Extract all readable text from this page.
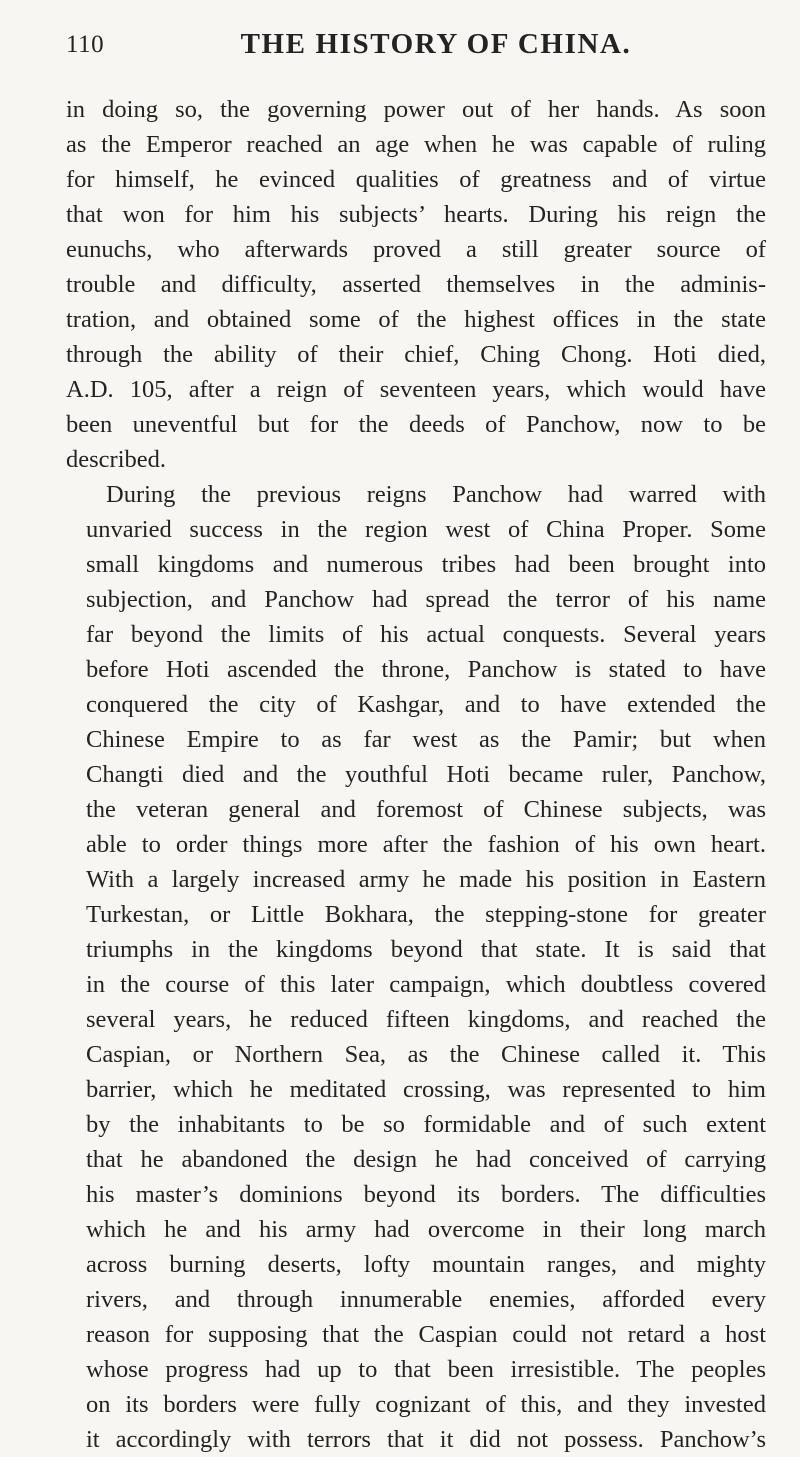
110	THE HISTORY OF CHINA.
in doing so, the governing power out of her hands. As soon
as the Emperor reached an age when he was capable of ruling
for himself, he evinced qualities of greatness and of virtue
that won for him his subjects’ hearts. During his reign the
eunuchs, who afterwards proved a still greater source of
trouble and difficulty, asserted themselves in the adminis-
tration, and obtained some of the highest offices in the state
through the ability of their chief, Ching Chong. Hoti died,
A.D. 105, after a reign of seventeen years, which would have
been uneventful but for the deeds of Panchow, now to be
described.
During the previous reigns Panchow had warred with
unvaried success in the region west of China Proper. Some
small kingdoms and numerous tribes had been brought into
subjection, and Panchow had spread the terror of his name
far beyond the limits of his actual conquests. Several years
before Hoti ascended the throne, Panchow is stated to have
conquered the city of Kashgar, and to have extended the
Chinese Empire to as far west as the Pamir; but when
Changti died and the youthful Hoti became ruler, Panchow,
the veteran general and foremost of Chinese subjects, was
able to order things more after the fashion of his own heart.
With a largely increased army he made his position in Eastern
Turkestan, or Little Bokhara, the stepping-stone for greater
triumphs in the kingdoms beyond that state. It is said that
in the course of this later campaign, which doubtless covered
several years, he reduced fifteen kingdoms, and reached the
Caspian, or Northern Sea, as the Chinese called it. This
barrier, which he meditated crossing, was represented to him
by the inhabitants to be so formidable and of such extent
that he abandoned the design he had conceived of carrying
his master’s dominions beyond its borders. The difficulties
which he and his army had overcome in their long march
across burning deserts, lofty mountain ranges, and mighty
rivers, and through innumerable enemies, afforded every
reason for supposing that the Caspian could not retard a host
whose progress had up to that been irresistible. The peoples
on its borders were fully cognizant of this, and they invested
it accordingly with terrors that it did not possess. Panchow’s
